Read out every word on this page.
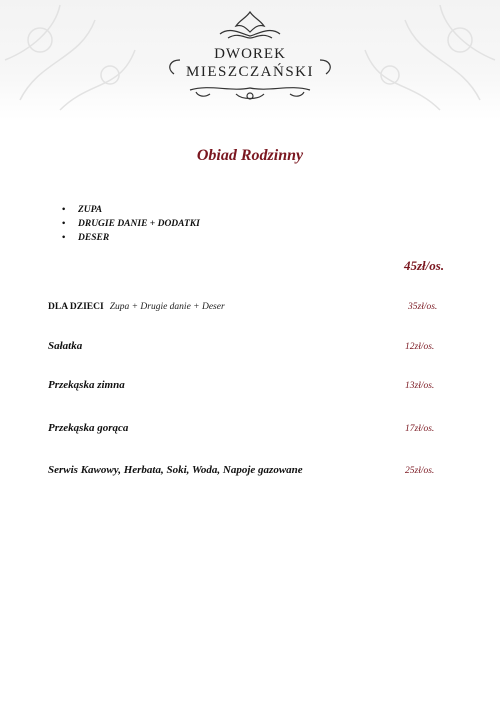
DWOREK
MIESZCZAŃSKI
Obiad Rodzinny
• ZUPA
• DRUGIE DANIE + DODATKI
• DESER
45zł/os.
DLA DZIECI Zupa + Drugie danie + Deser	35zł/os.
Sałatka	12zł/os.
Przekąska zimna	13zł/os.
Przekąska gorąca	17zł/os.
Serwis Kawowy, Herbata, Soki, Woda, Napoje gazowane	25zł/os.
